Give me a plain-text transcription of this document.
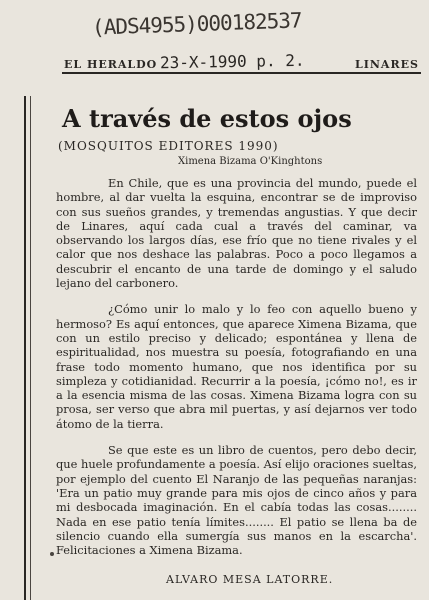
(ADS4955)000182537
EL HERALDO 23-X-1990 p. 2.	LINARES
A través de estos ojos
(MOSQUITOS EDITORES 1990)
Ximena Bizama O'Kinghtons

En Chile, que es una provincia del mundo, puede el hombre, al dar vuelta la esquina, encontrar se de improviso con sus sueños grandes, y tremendas angustias. Y que decir de Linares, aquí cada cual a través del caminar, va observando los largos días, ese frío que no tiene rivales y el calor que nos deshace las palabras. Poco a poco llegamos a descubrir el encanto de una tarde de domingo y el saludo lejano del carbonero.

¿Cómo unir lo malo y lo feo con aquello bueno y hermoso? Es aquí entonces, que aparece Ximena Bizama, que con un estilo preciso y delicado; espontánea y llena de espiritualidad, nos muestra su poesía, fotografiando en una frase todo momento humano, que nos identifica por su simpleza y cotidianidad. Recurrir a la poesía, ¡cómo no!, es ir a la esencia misma de las cosas. Ximena Bizama logra con su prosa, ser verso que abra mil puertas, y así dejarnos ver todo átomo de la tierra.

Se que este es un libro de cuentos, pero debo decir, que huele profundamente a poesía. Así elijo oraciones sueltas, por ejemplo del cuento El Naranjo de las pequeñas naranjas: 'Era un patio muy grande para mis ojos de cinco años y para mi desbocada imaginación. En el cabía todas las cosas........ Nada en ese patio tenía límites........ El patio se llena ba de silencio cuando ella sumergía sus manos en la escarcha'. Felicitaciones a Ximena Bizama.

ALVARO MESA LATORRE.
